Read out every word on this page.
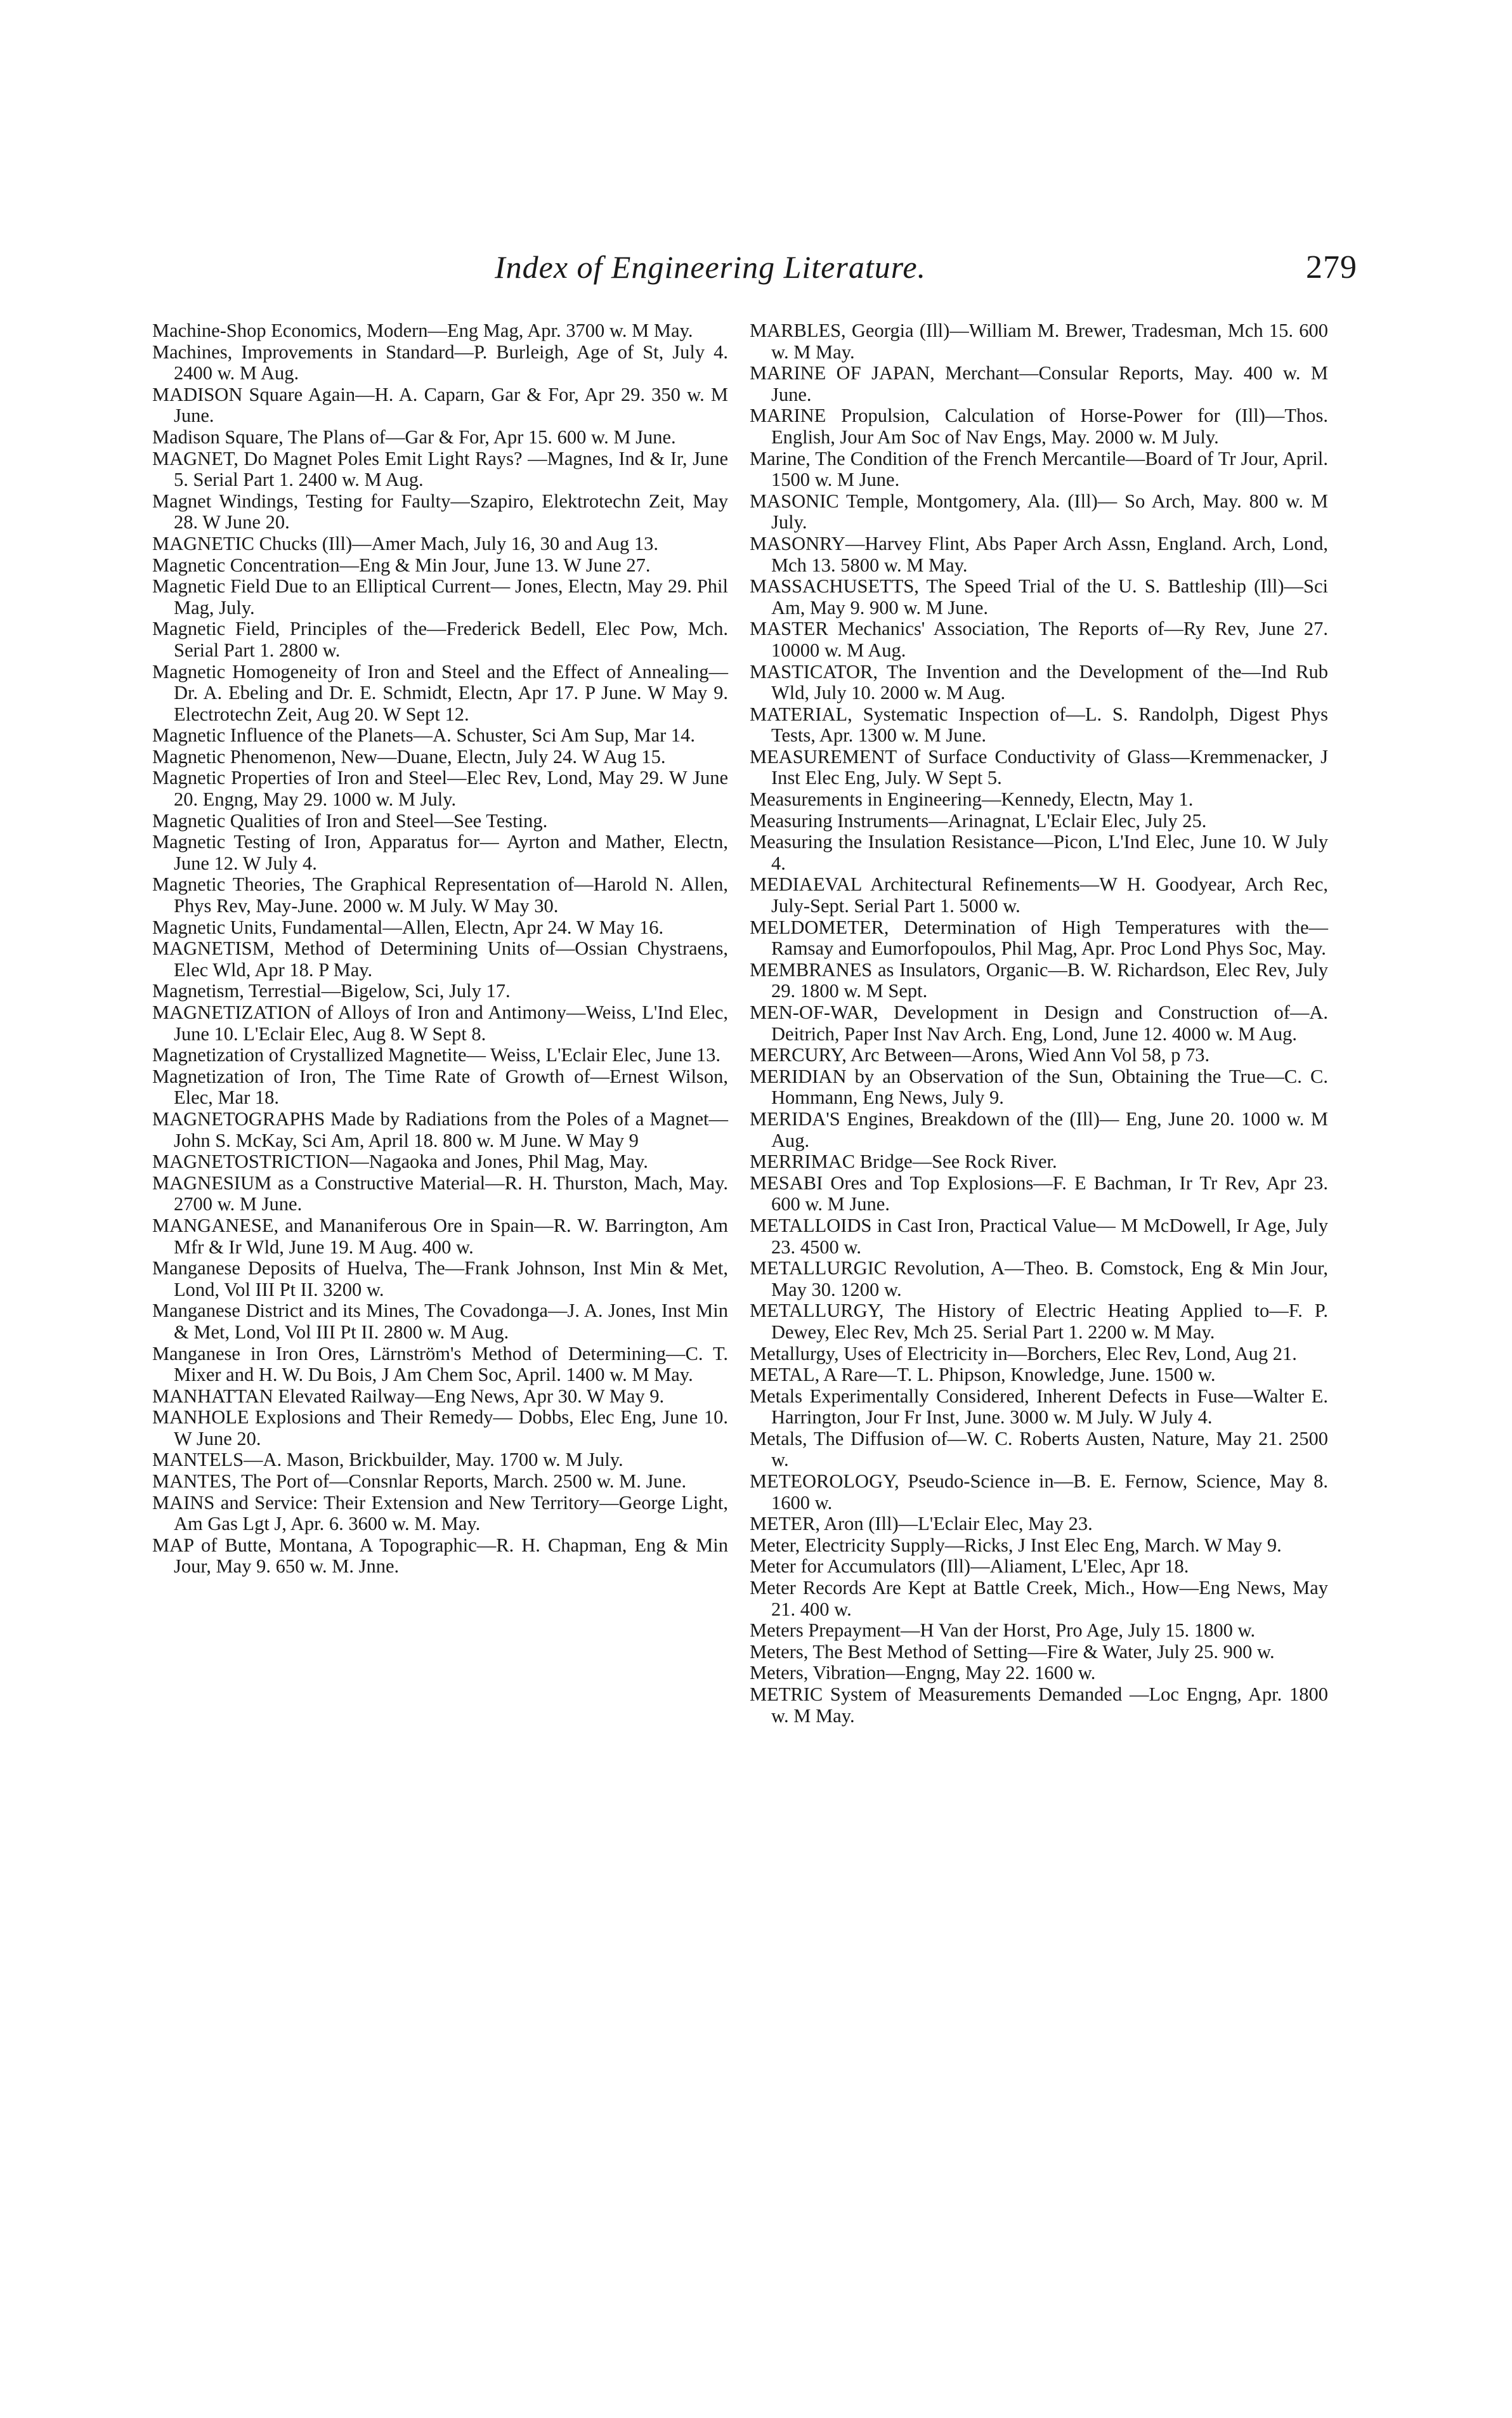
Index of Engineering Literature.	279

Machine-Shop Economics, Modern—Eng Mag, Apr. 3700 w. M May.

Machines, Improvements in Standard—P. Burleigh, Age of St, July 4. 2400 w. M Aug.

MADISON Square Again—H. A. Caparn, Gar & For, Apr 29. 350 w. M June.

Madison Square, The Plans of—Gar & For, Apr 15. 600 w. M June.

MAGNET, Do Magnet Poles Emit Light Rays? —Magnes, Ind & Ir, June 5. Serial Part 1. 2400 w. M Aug.

Magnet Windings, Testing for Faulty—Szapiro, Elektrotechn Zeit, May 28. W June 20.

MAGNETIC Chucks (Ill)—Amer Mach, July 16, 30 and Aug 13.

Magnetic Concentration—Eng & Min Jour, June 13. W June 27.

Magnetic Field Due to an Elliptical Current— Jones, Electn, May 29. Phil Mag, July.

Magnetic Field, Principles of the—Frederick Bedell, Elec Pow, Mch. Serial Part 1. 2800 w.

Magnetic Homogeneity of Iron and Steel and the Effect of Annealing—Dr. A. Ebeling and Dr. E. Schmidt, Electn, Apr 17. P June. W May 9. Electrotechn Zeit, Aug 20. W Sept 12.

Magnetic Influence of the Planets—A. Schuster, Sci Am Sup, Mar 14.

Magnetic Phenomenon, New—Duane, Electn, July 24. W Aug 15.

Magnetic Properties of Iron and Steel—Elec Rev, Lond, May 29. W June 20. Engng, May 29. 1000 w. M July.

Magnetic Qualities of Iron and Steel—See Testing.

Magnetic Testing of Iron, Apparatus for— Ayrton and Mather, Electn, June 12. W July 4.

Magnetic Theories, The Graphical Representation of—Harold N. Allen, Phys Rev, May-June. 2000 w. M July. W May 30.

Magnetic Units, Fundamental—Allen, Electn, Apr 24. W May 16.

MAGNETISM, Method of Determining Units of—Ossian Chystraens, Elec Wld, Apr 18. P May.

Magnetism, Terrestial—Bigelow, Sci, July 17.

MAGNETIZATION of Alloys of Iron and Antimony—Weiss, L'Ind Elec, June 10. L'Eclair Elec, Aug 8. W Sept 8.

Magnetization of Crystallized Magnetite— Weiss, L'Eclair Elec, June 13.

Magnetization of Iron, The Time Rate of Growth of—Ernest Wilson, Elec, Mar 18.

MAGNETOGRAPHS Made by Radiations from the Poles of a Magnet—John S. McKay, Sci Am, April 18. 800 w. M June. W May 9

MAGNETOSTRICTION—Nagaoka and Jones, Phil Mag, May.

MAGNESIUM as a Constructive Material—R. H. Thurston, Mach, May. 2700 w. M June.

MANGANESE, and Mananiferous Ore in Spain—R. W. Barrington, Am Mfr & Ir Wld, June 19. M Aug. 400 w.

Manganese Deposits of Huelva, The—Frank Johnson, Inst Min & Met, Lond, Vol III Pt II. 3200 w.

Manganese District and its Mines, The Covadonga—J. A. Jones, Inst Min & Met, Lond, Vol III Pt II. 2800 w. M Aug.

Manganese in Iron Ores, Lärnström's Method of Determining—C. T. Mixer and H. W. Du Bois, J Am Chem Soc, April. 1400 w. M May.

MANHATTAN Elevated Railway—Eng News, Apr 30. W May 9.

MANHOLE Explosions and Their Remedy— Dobbs, Elec Eng, June 10. W June 20.

MANTELS—A. Mason, Brickbuilder, May. 1700 w. M July.

MANTES, The Port of—Consnlar Reports, March. 2500 w. M. June.

MAINS and Service: Their Extension and New Territory—George Light, Am Gas Lgt J, Apr. 6. 3600 w. M. May.

MAP of Butte, Montana, A Topographic—R. H. Chapman, Eng & Min Jour, May 9. 650 w. M. Jnne.

MARBLES, Georgia (Ill)—William M. Brewer, Tradesman, Mch 15. 600 w. M May.

MARINE OF JAPAN, Merchant—Consular Reports, May. 400 w. M June.

MARINE Propulsion, Calculation of Horse-Power for (Ill)—Thos. English, Jour Am Soc of Nav Engs, May. 2000 w. M July.

Marine, The Condition of the French Mercantile—Board of Tr Jour, April. 1500 w. M June.

MASONIC Temple, Montgomery, Ala. (Ill)— So Arch, May. 800 w. M July.

MASONRY—Harvey Flint, Abs Paper Arch Assn, England. Arch, Lond, Mch 13. 5800 w. M May.

MASSACHUSETTS, The Speed Trial of the U. S. Battleship (Ill)—Sci Am, May 9. 900 w. M June.

MASTER Mechanics' Association, The Reports of—Ry Rev, June 27. 10000 w. M Aug.

MASTICATOR, The Invention and the Development of the—Ind Rub Wld, July 10. 2000 w. M Aug.

MATERIAL, Systematic Inspection of—L. S. Randolph, Digest Phys Tests, Apr. 1300 w. M June.

MEASUREMENT of Surface Conductivity of Glass—Kremmenacker, J Inst Elec Eng, July. W Sept 5.

Measurements in Engineering—Kennedy, Electn, May 1.

Measuring Instruments—Arinagnat, L'Eclair Elec, July 25.

Measuring the Insulation Resistance—Picon, L'Ind Elec, June 10. W July 4.

MEDIAEVAL Architectural Refinements—W H. Goodyear, Arch Rec, July-Sept. Serial Part 1. 5000 w.

MELDOMETER, Determination of High Temperatures with the—Ramsay and Eumorfopoulos, Phil Mag, Apr. Proc Lond Phys Soc, May.

MEMBRANES as Insulators, Organic—B. W. Richardson, Elec Rev, July 29. 1800 w. M Sept.

MEN-OF-WAR, Development in Design and Construction of—A. Deitrich, Paper Inst Nav Arch. Eng, Lond, June 12. 4000 w. M Aug.

MERCURY, Arc Between—Arons, Wied Ann Vol 58, p 73.

MERIDIAN by an Observation of the Sun, Obtaining the True—C. C. Hommann, Eng News, July 9.

MERIDA'S Engines, Breakdown of the (Ill)— Eng, June 20. 1000 w. M Aug.

MERRIMAC Bridge—See Rock River.

MESABI Ores and Top Explosions—F. E Bachman, Ir Tr Rev, Apr 23. 600 w. M June.

METALLOIDS in Cast Iron, Practical Value— M McDowell, Ir Age, July 23. 4500 w.

METALLURGIC Revolution, A—Theo. B. Comstock, Eng & Min Jour, May 30. 1200 w.

METALLURGY, The History of Electric Heating Applied to—F. P. Dewey, Elec Rev, Mch 25. Serial Part 1. 2200 w. M May.

Metallurgy, Uses of Electricity in—Borchers, Elec Rev, Lond, Aug 21.

METAL, A Rare—T. L. Phipson, Knowledge, June. 1500 w.

Metals Experimentally Considered, Inherent Defects in Fuse—Walter E. Harrington, Jour Fr Inst, June. 3000 w. M July. W July 4.

Metals, The Diffusion of—W. C. Roberts Austen, Nature, May 21. 2500 w.

METEOROLOGY, Pseudo-Science in—B. E. Fernow, Science, May 8. 1600 w.

METER, Aron (Ill)—L'Eclair Elec, May 23.

Meter, Electricity Supply—Ricks, J Inst Elec Eng, March. W May 9.

Meter for Accumulators (Ill)—Aliament, L'Elec, Apr 18.

Meter Records Are Kept at Battle Creek, Mich., How—Eng News, May 21. 400 w.

Meters Prepayment—H Van der Horst, Pro Age, July 15. 1800 w.

Meters, The Best Method of Setting—Fire & Water, July 25. 900 w.

Meters, Vibration—Engng, May 22. 1600 w.

METRIC System of Measurements Demanded —Loc Engng, Apr. 1800 w. M May.
